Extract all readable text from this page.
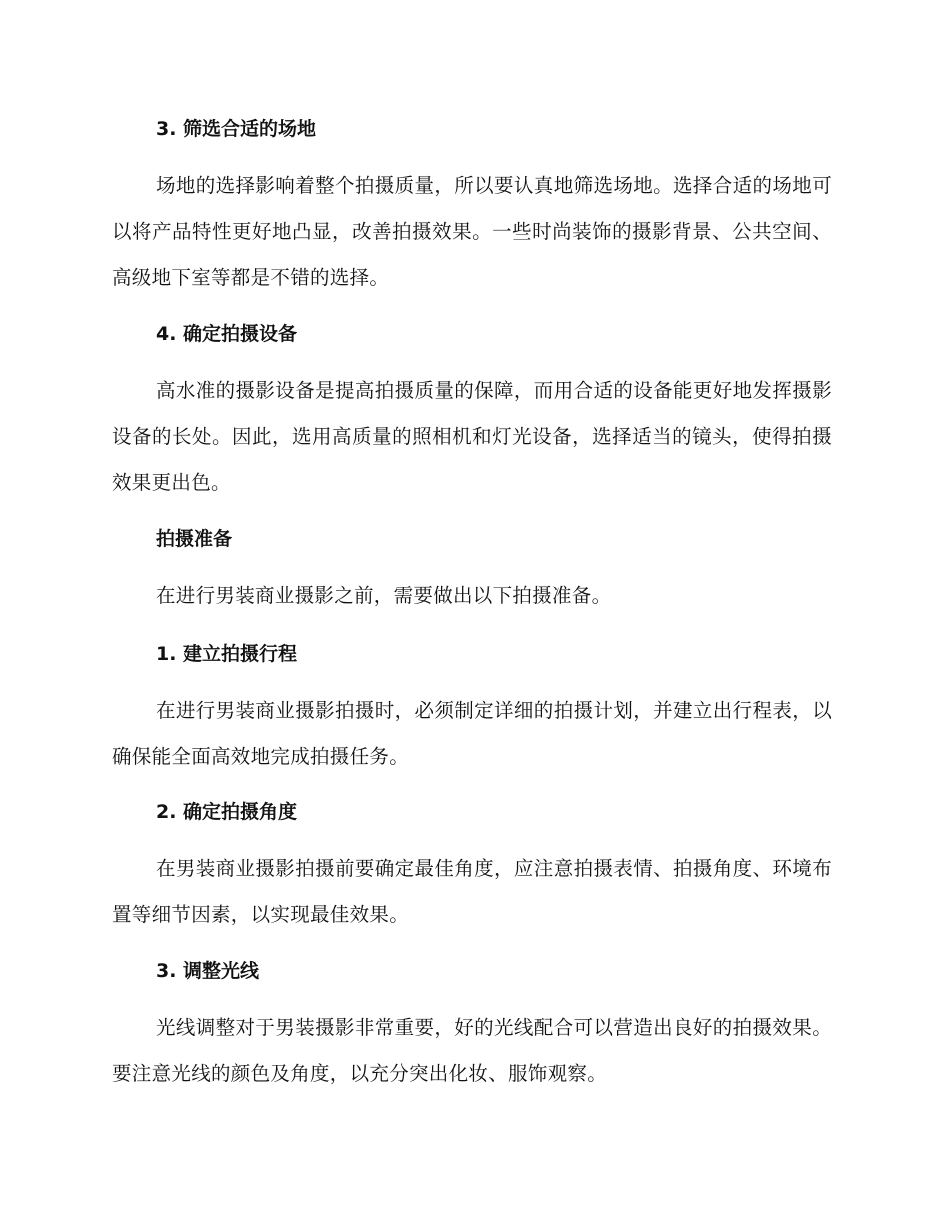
3. 筛选合适的场地
场地的选择影响着整个拍摄质量，所以要认真地筛选场地。选择合适的场地可以将产品特性更好地凸显，改善拍摄效果。一些时尚装饰的摄影背景、公共空间、高级地下室等都是不错的选择。
4. 确定拍摄设备
高水准的摄影设备是提高拍摄质量的保障，而用合适的设备能更好地发挥摄影设备的长处。因此，选用高质量的照相机和灯光设备，选择适当的镜头，使得拍摄效果更出色。
拍摄准备
在进行男装商业摄影之前，需要做出以下拍摄准备。
1. 建立拍摄行程
在进行男装商业摄影拍摄时，必须制定详细的拍摄计划，并建立出行程表，以确保能全面高效地完成拍摄任务。
2. 确定拍摄角度
在男装商业摄影拍摄前要确定最佳角度，应注意拍摄表情、拍摄角度、环境布置等细节因素，以实现最佳效果。
3. 调整光线
光线调整对于男装摄影非常重要，好的光线配合可以营造出良好的拍摄效果。要注意光线的颜色及角度，以充分突出化妆、服饰观察。
